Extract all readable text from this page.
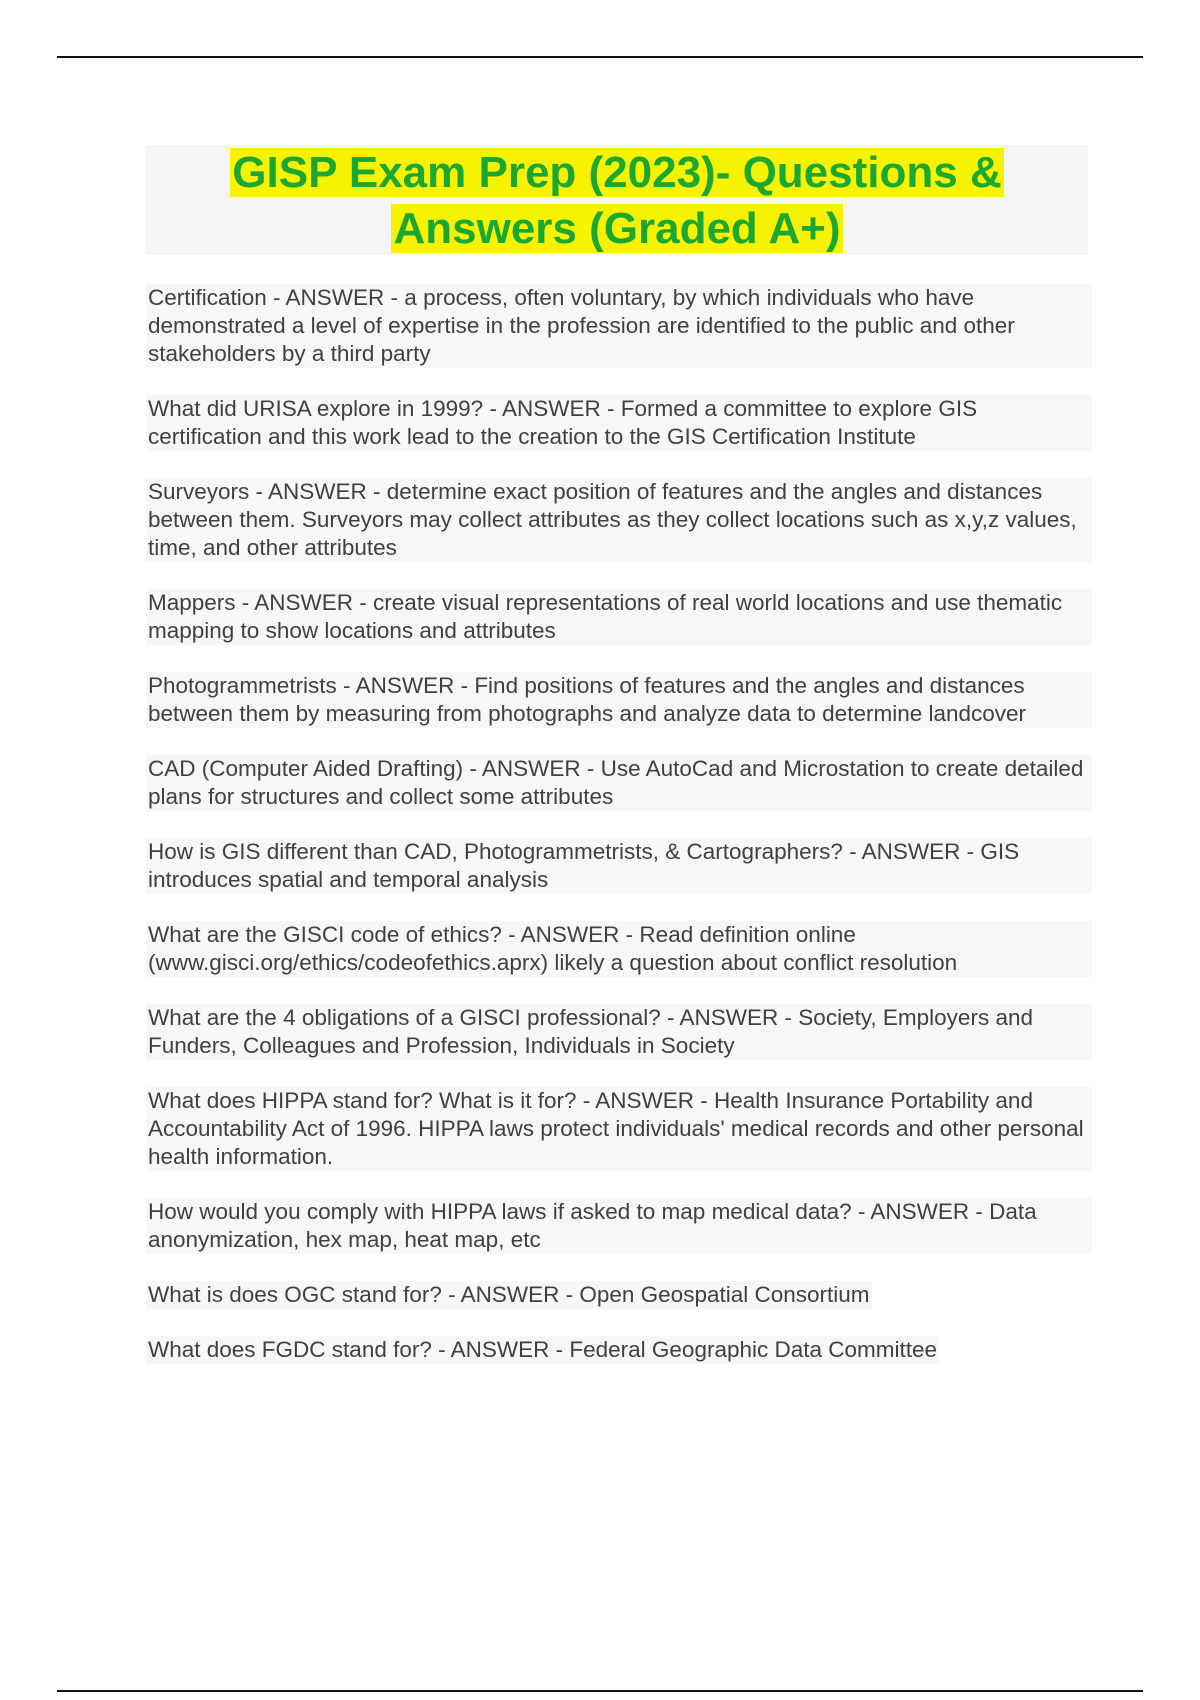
GISP Exam Prep (2023)- Questions &
Answers (Graded A+)

Certification - ANSWER - a process, often voluntary, by which individuals who have demonstrated a level of expertise in the profession are identified to the public and other stakeholders by a third party

What did URISA explore in 1999? - ANSWER - Formed a committee to explore GIS certification and this work lead to the creation to the GIS Certification Institute

Surveyors - ANSWER - determine exact position of features and the angles and distances between them. Surveyors may collect attributes as they collect locations such as x,y,z values, time, and other attributes

Mappers - ANSWER - create visual representations of real world locations and use thematic mapping to show locations and attributes

Photogrammetrists - ANSWER - Find positions of features and the angles and distances between them by measuring from photographs and analyze data to determine landcover

CAD (Computer Aided Drafting) - ANSWER - Use AutoCad and Microstation to create detailed plans for structures and collect some attributes

How is GIS different than CAD, Photogrammetrists, & Cartographers? - ANSWER - GIS introduces spatial and temporal analysis

What are the GISCI code of ethics? - ANSWER - Read definition online (www.gisci.org/ethics/codeofethics.aprx) likely a question about conflict resolution

What are the 4 obligations of a GISCI professional? - ANSWER - Society, Employers and Funders, Colleagues and Profession, Individuals in Society

What does HIPPA stand for? What is it for? - ANSWER - Health Insurance Portability and Accountability Act of 1996. HIPPA laws protect individuals' medical records and other personal health information.

How would you comply with HIPPA laws if asked to map medical data? - ANSWER - Data anonymization, hex map, heat map, etc

What is does OGC stand for? - ANSWER - Open Geospatial Consortium

What does FGDC stand for? - ANSWER - Federal Geographic Data Committee
